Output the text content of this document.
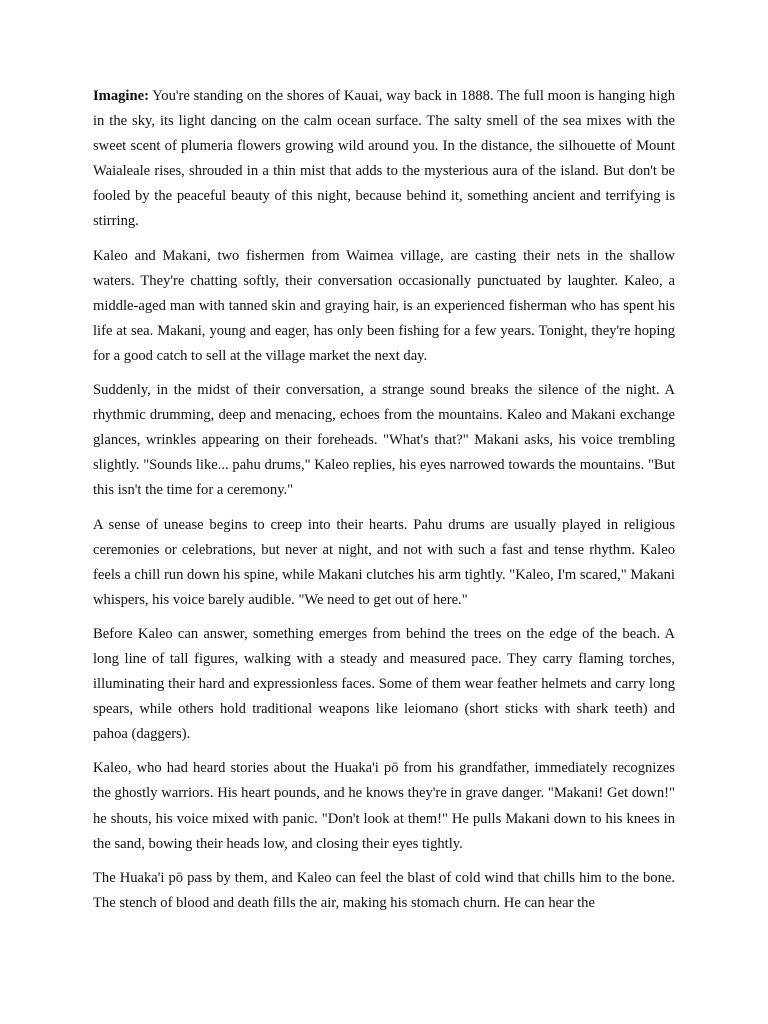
Imagine: You're standing on the shores of Kauai, way back in 1888. The full moon is hanging high in the sky, its light dancing on the calm ocean surface. The salty smell of the sea mixes with the sweet scent of plumeria flowers growing wild around you. In the distance, the silhouette of Mount Waialeale rises, shrouded in a thin mist that adds to the mysterious aura of the island. But don't be fooled by the peaceful beauty of this night, because behind it, something ancient and terrifying is stirring.

Kaleo and Makani, two fishermen from Waimea village, are casting their nets in the shallow waters. They're chatting softly, their conversation occasionally punctuated by laughter. Kaleo, a middle-aged man with tanned skin and graying hair, is an experienced fisherman who has spent his life at sea. Makani, young and eager, has only been fishing for a few years. Tonight, they're hoping for a good catch to sell at the village market the next day.

Suddenly, in the midst of their conversation, a strange sound breaks the silence of the night. A rhythmic drumming, deep and menacing, echoes from the mountains. Kaleo and Makani exchange glances, wrinkles appearing on their foreheads. "What's that?" Makani asks, his voice trembling slightly. "Sounds like... pahu drums," Kaleo replies, his eyes narrowed towards the mountains. "But this isn't the time for a ceremony."

A sense of unease begins to creep into their hearts. Pahu drums are usually played in religious ceremonies or celebrations, but never at night, and not with such a fast and tense rhythm. Kaleo feels a chill run down his spine, while Makani clutches his arm tightly. "Kaleo, I'm scared," Makani whispers, his voice barely audible. "We need to get out of here."

Before Kaleo can answer, something emerges from behind the trees on the edge of the beach. A long line of tall figures, walking with a steady and measured pace. They carry flaming torches, illuminating their hard and expressionless faces. Some of them wear feather helmets and carry long spears, while others hold traditional weapons like leiomano (short sticks with shark teeth) and pahoa (daggers).

Kaleo, who had heard stories about the Huaka'i pō from his grandfather, immediately recognizes the ghostly warriors. His heart pounds, and he knows they're in grave danger. "Makani! Get down!" he shouts, his voice mixed with panic. "Don't look at them!" He pulls Makani down to his knees in the sand, bowing their heads low, and closing their eyes tightly.

The Huaka'i pō pass by them, and Kaleo can feel the blast of cold wind that chills him to the bone. The stench of blood and death fills the air, making his stomach churn. He can hear the
